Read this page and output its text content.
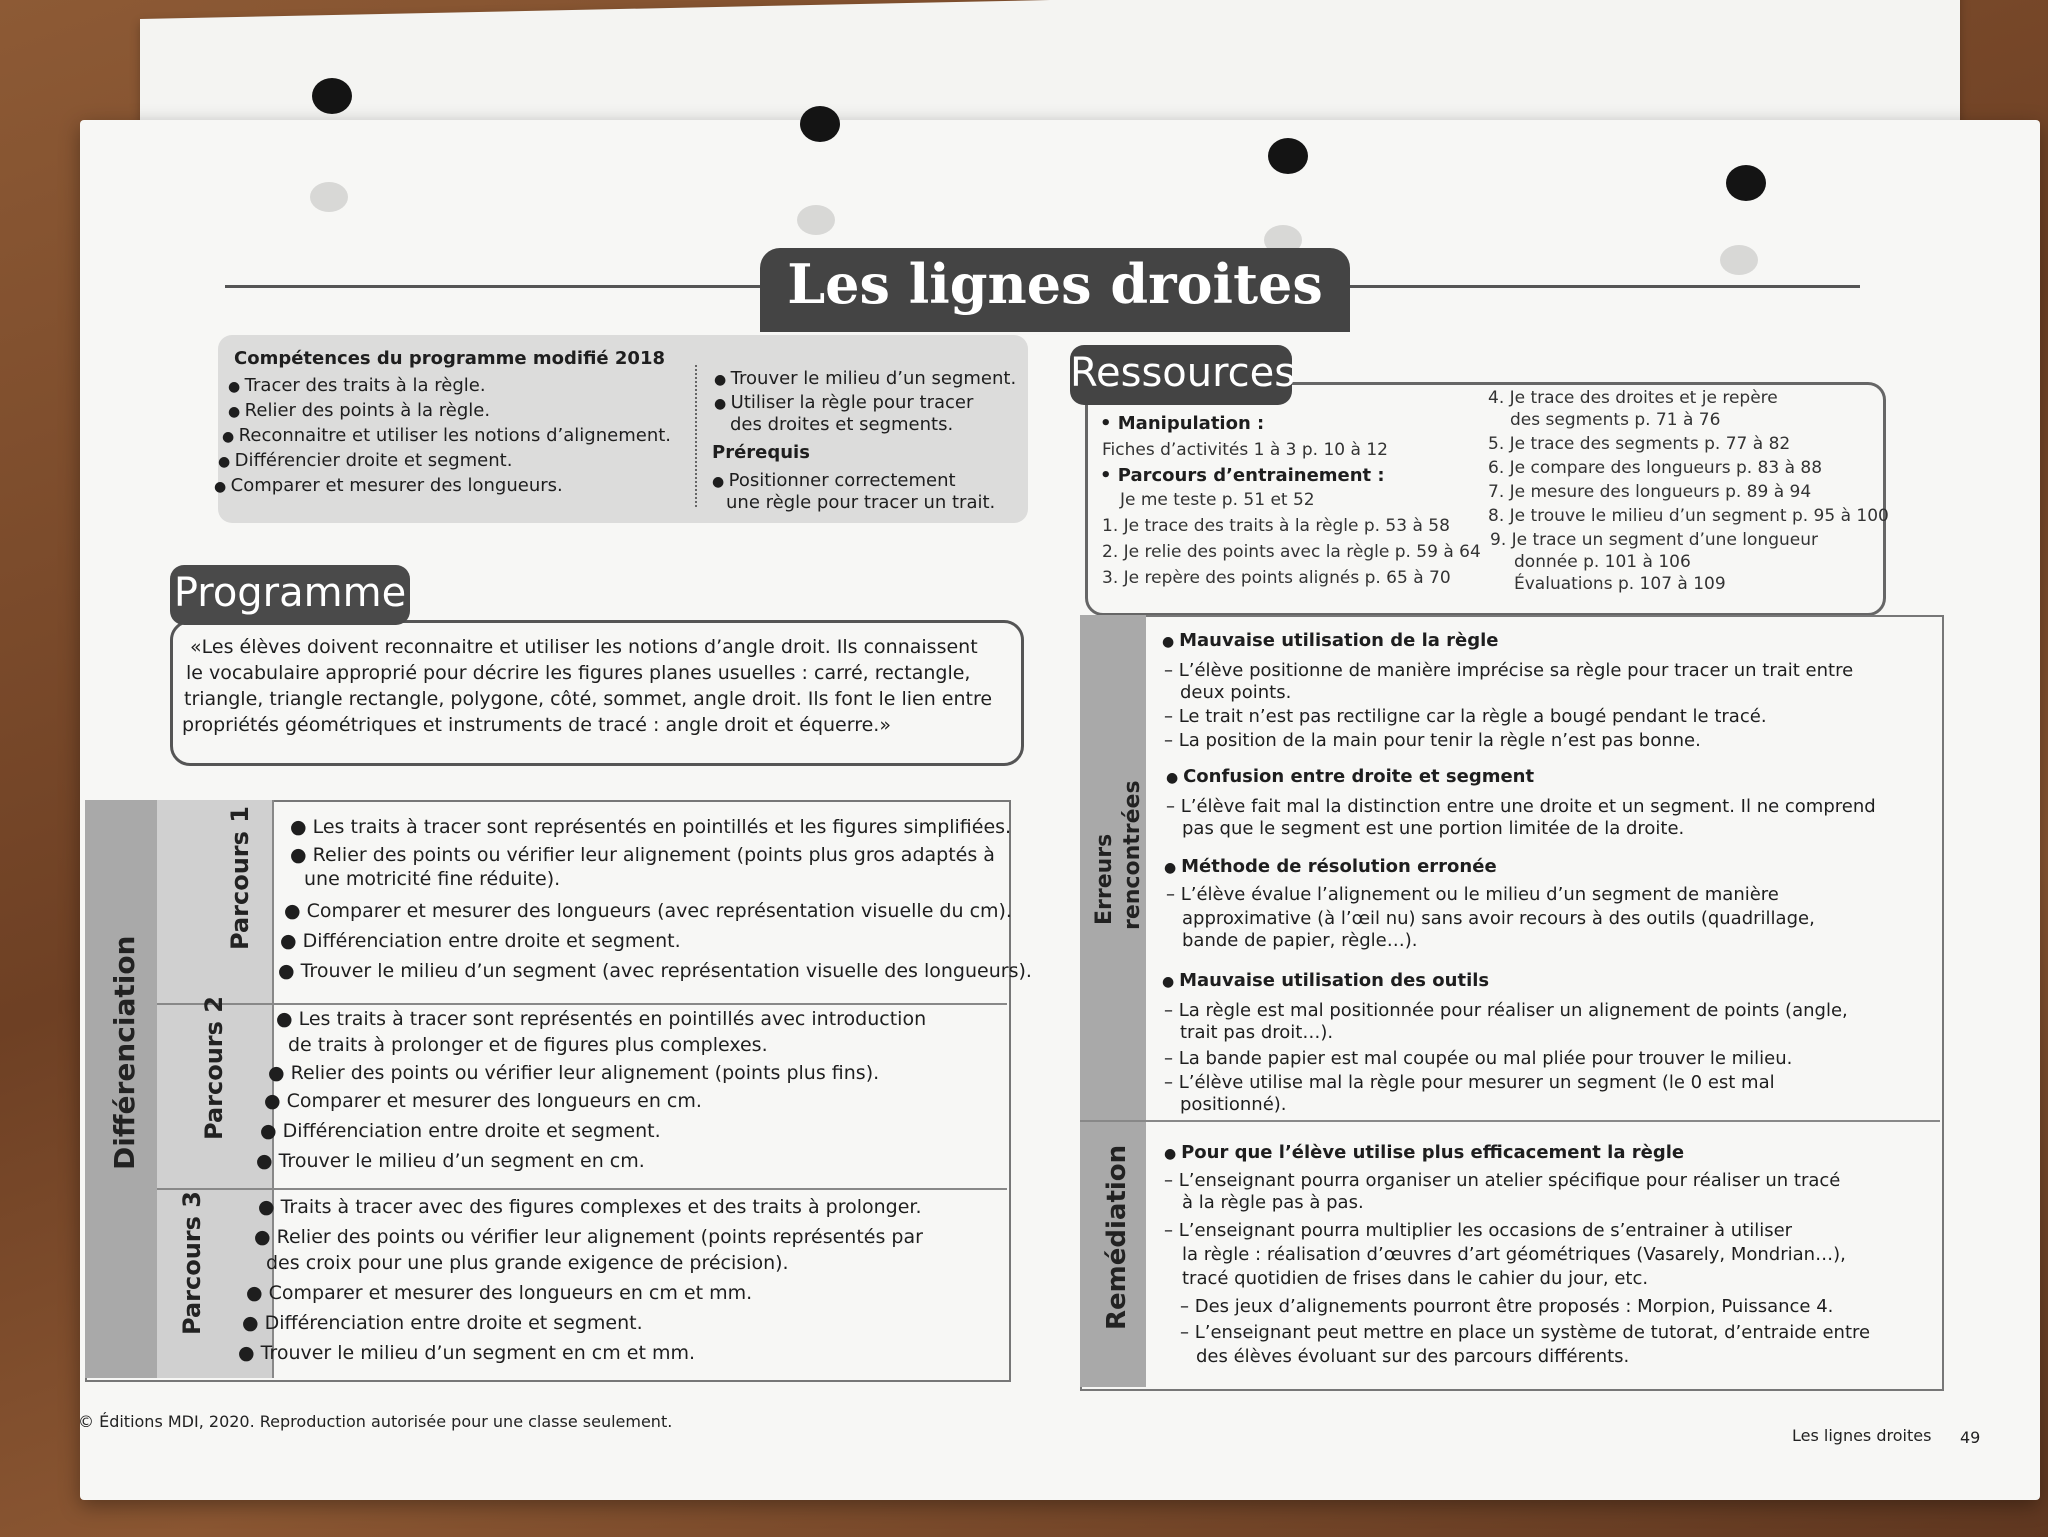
Les lignes droites
Compétences du programme modifié 2018
● Tracer des traits à la règle.
● Relier des points à la règle.
● Reconnaitre et utiliser les notions d’alignement.
● Différencier droite et segment.
● Comparer et mesurer des longueurs.
● Trouver le milieu d’un segment.
● Utiliser la règle pour tracer
des droites et segments.
Prérequis
● Positionner correctement
une règle pour tracer un trait.
Ressources
• Manipulation :
Fiches d’activités 1 à 3 p. 10 à 12
• Parcours d’entrainement :
Je me teste p. 51 et 52
1. Je trace des traits à la règle p. 53 à 58
2. Je relie des points avec la règle p. 59 à 64
3. Je repère des points alignés p. 65 à 70
4. Je trace des droites et je repère
des segments p. 71 à 76
5. Je trace des segments p. 77 à 82
6. Je compare des longueurs p. 83 à 88
7. Je mesure des longueurs p. 89 à 94
8. Je trouve le milieu d’un segment p. 95 à 100
9. Je trace un segment d’une longueur
donnée p. 101 à 106
Évaluations p. 107 à 109
Programme
«Les élèves doivent reconnaitre et utiliser les notions d’angle droit. Ils connaissent
le vocabulaire approprié pour décrire les figures planes usuelles : carré, rectangle,
triangle, triangle rectangle, polygone, côté, sommet, angle droit. Ils font le lien entre
propriétés géométriques et instruments de tracé : angle droit et équerre.»
Différenciation
Parcours 1
Parcours 2
Parcours 3
● Les traits à tracer sont représentés en pointillés et les figures simplifiées.
● Relier des points ou vérifier leur alignement (points plus gros adaptés à
une motricité fine réduite).
● Comparer et mesurer des longueurs (avec représentation visuelle du cm).
● Différenciation entre droite et segment.
● Trouver le milieu d’un segment (avec représentation visuelle des longueurs).
● Les traits à tracer sont représentés en pointillés avec introduction
de traits à prolonger et de figures plus complexes.
● Relier des points ou vérifier leur alignement (points plus fins).
● Comparer et mesurer des longueurs en cm.
● Différenciation entre droite et segment.
● Trouver le milieu d’un segment en cm.
● Traits à tracer avec des figures complexes et des traits à prolonger.
● Relier des points ou vérifier leur alignement (points représentés par
des croix pour une plus grande exigence de précision).
● Comparer et mesurer des longueurs en cm et mm.
● Différenciation entre droite et segment.
● Trouver le milieu d’un segment en cm et mm.
Erreurs rencontrées
Remédiation
● Mauvaise utilisation de la règle
– L’élève positionne de manière imprécise sa règle pour tracer un trait entre
deux points.
– Le trait n’est pas rectiligne car la règle a bougé pendant le tracé.
– La position de la main pour tenir la règle n’est pas bonne.
● Confusion entre droite et segment
– L’élève fait mal la distinction entre une droite et un segment. Il ne comprend
pas que le segment est une portion limitée de la droite.
● Méthode de résolution erronée
– L’élève évalue l’alignement ou le milieu d’un segment de manière
approximative (à l’œil nu) sans avoir recours à des outils (quadrillage,
bande de papier, règle…).
● Mauvaise utilisation des outils
– La règle est mal positionnée pour réaliser un alignement de points (angle,
trait pas droit…).
– La bande papier est mal coupée ou mal pliée pour trouver le milieu.
– L’élève utilise mal la règle pour mesurer un segment (le 0 est mal
positionné).
● Pour que l’élève utilise plus efficacement la règle
– L’enseignant pourra organiser un atelier spécifique pour réaliser un tracé
à la règle pas à pas.
– L’enseignant pourra multiplier les occasions de s’entrainer à utiliser
la règle : réalisation d’œuvres d’art géométriques (Vasarely, Mondrian…),
tracé quotidien de frises dans le cahier du jour, etc.
– Des jeux d’alignements pourront être proposés : Morpion, Puissance 4.
– L’enseignant peut mettre en place un système de tutorat, d’entraide entre
des élèves évoluant sur des parcours différents.
© Éditions MDI, 2020. Reproduction autorisée pour une classe seulement.
Les lignes droites 49
